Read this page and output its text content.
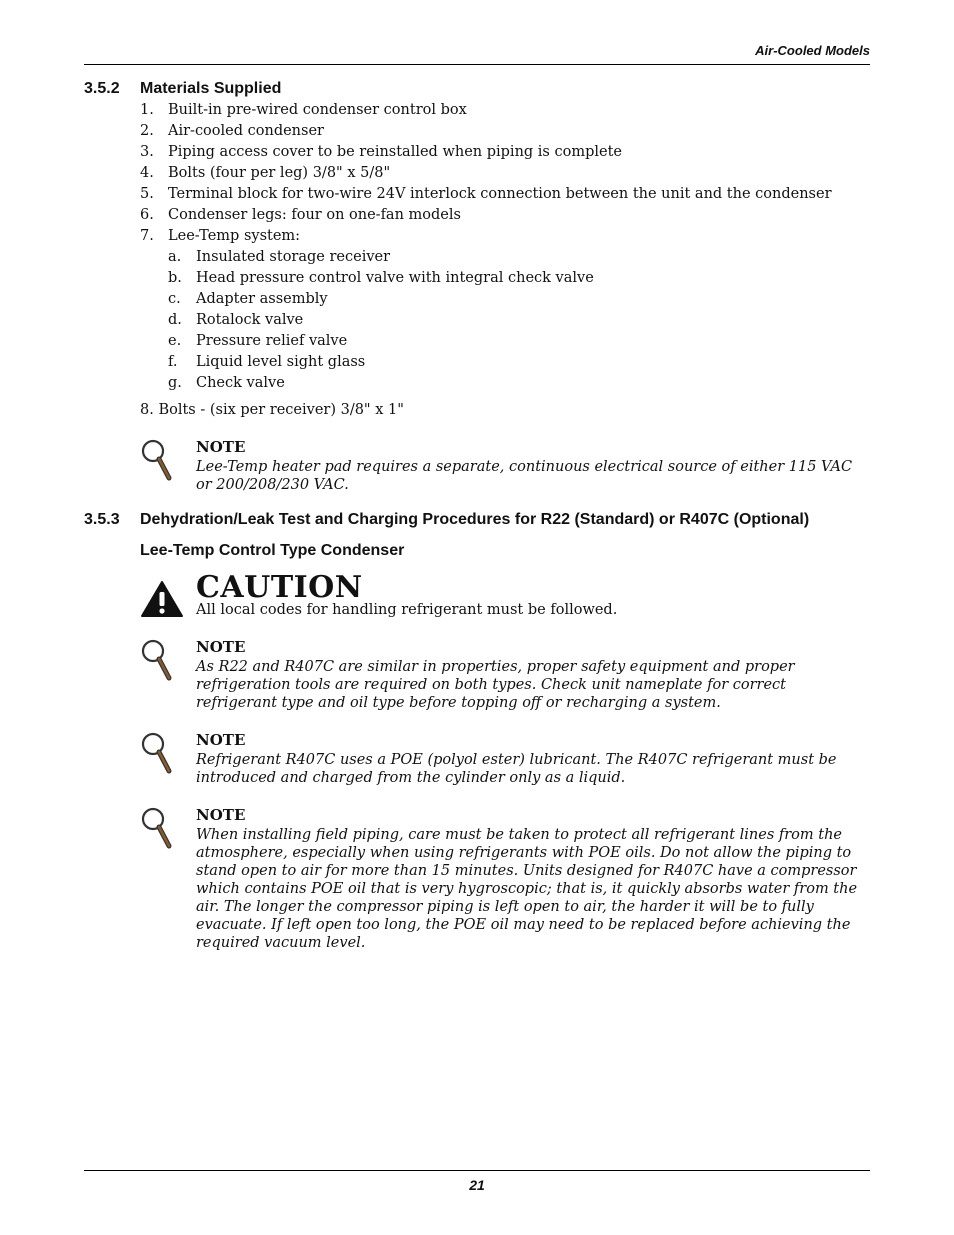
Air-Cooled Models
3.5.2 Materials Supplied
1. Built-in pre-wired condenser control box
2. Air-cooled condenser
3. Piping access cover to be reinstalled when piping is complete
4. Bolts (four per leg) 3/8" x 5/8"
5. Terminal block for two-wire 24V interlock connection between the unit and the condenser
6. Condenser legs: four on one-fan models
7. Lee-Temp system:
a. Insulated storage receiver
b. Head pressure control valve with integral check valve
c. Adapter assembly
d. Rotalock valve
e. Pressure relief valve
f. Liquid level sight glass
g. Check valve
8. Bolts - (six per receiver) 3/8" x 1"
NOTE
Lee-Temp heater pad requires a separate, continuous electrical source of either 115 VAC or 200/208/230 VAC.
3.5.3 Dehydration/Leak Test and Charging Procedures for R22 (Standard) or R407C (Optional)
Lee-Temp Control Type Condenser
CAUTION
All local codes for handling refrigerant must be followed.
NOTE
As R22 and R407C are similar in properties, proper safety equipment and proper refrigeration tools are required on both types. Check unit nameplate for correct refrigerant type and oil type before topping off or recharging a system.
NOTE
Refrigerant R407C uses a POE (polyol ester) lubricant. The R407C refrigerant must be introduced and charged from the cylinder only as a liquid.
NOTE
When installing field piping, care must be taken to protect all refrigerant lines from the atmosphere, especially when using refrigerants with POE oils. Do not allow the piping to stand open to air for more than 15 minutes. Units designed for R407C have a compressor which contains POE oil that is very hygroscopic; that is, it quickly absorbs water from the air. The longer the compressor piping is left open to air, the harder it will be to fully evacuate. If left open too long, the POE oil may need to be replaced before achieving the required vacuum level.
21
